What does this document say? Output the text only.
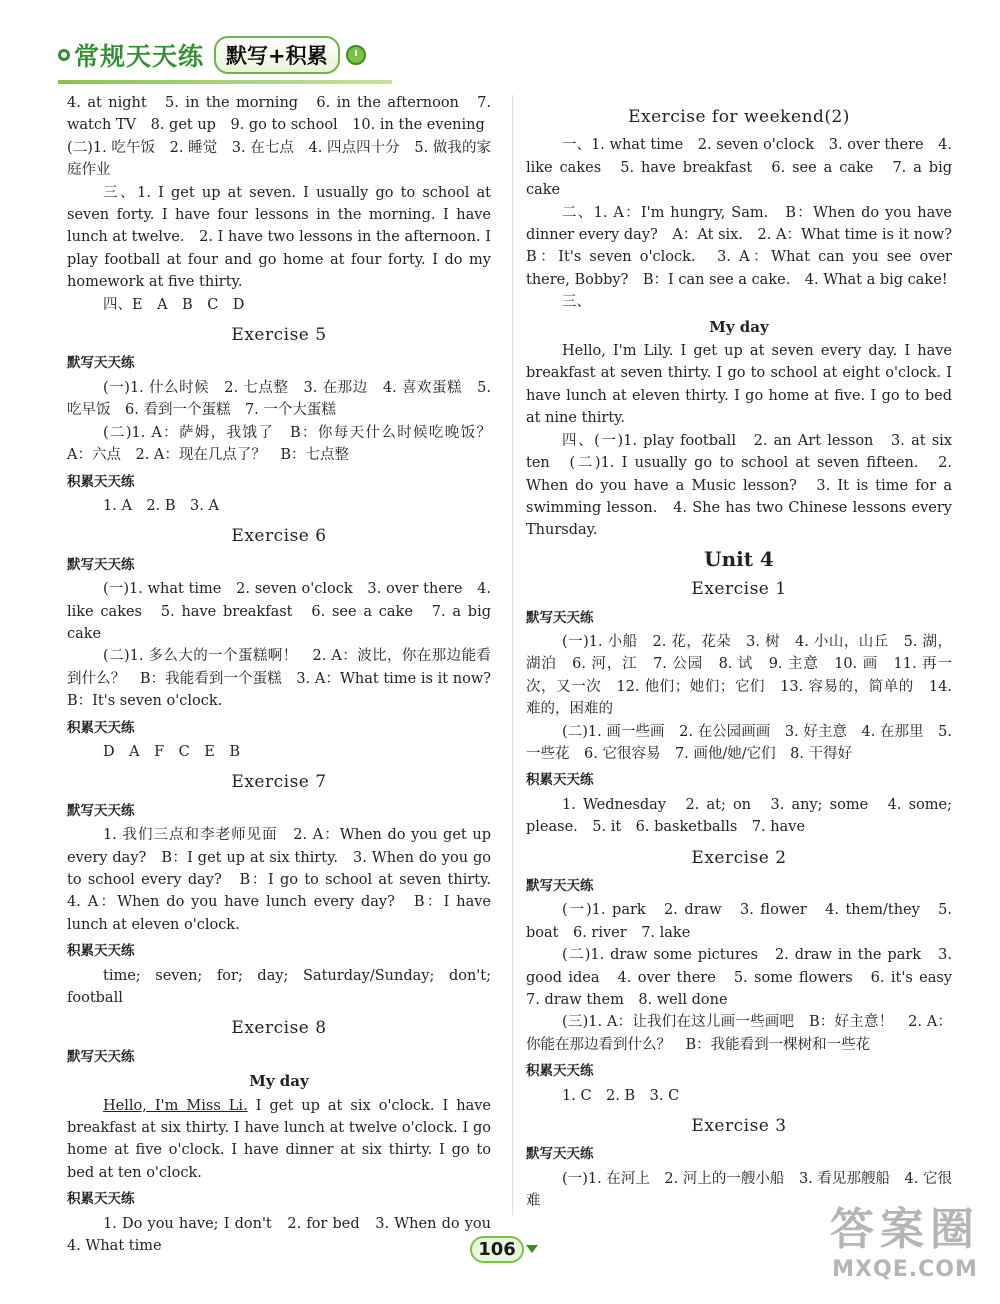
常规天天练	默写+积累

4. at night　5. in the morning　6. in the afternoon　7. watch TV　8. get up　9. go to school　10. in the evening

(二)1. 吃午饭　2. 睡觉　3. 在七点　4. 四点四十分　5. 做我的家庭作业

三、1. I get up at seven. I usually go to school at seven forty. I have four lessons in the morning. I have lunch at twelve.　2. I have two lessons in the afternoon. I play football at four and go home at four forty. I do my homework at five thirty.

四、E　A　B　C　D

Exercise 5
默写天天练

(一)1. 什么时候　2. 七点整　3. 在那边　4. 喜欢蛋糕　5. 吃早饭　6. 看到一个蛋糕　7. 一个大蛋糕

(二)1. A：萨姆，我饿了　B：你每天什么时候吃晚饭？　A：六点　2. A：现在几点了？　B：七点整

积累天天练

1. A　2. B　3. A

Exercise 6
默写天天练

(一)1. what time　2. seven o'clock　3. over there　4. like cakes　5. have breakfast　6. see a cake　7. a big cake

(二)1. 多么大的一个蛋糕啊！　2. A：波比，你在那边能看到什么？　B：我能看到一个蛋糕　3. A：What time is it now?　B：It's seven o'clock.

积累天天练

D　A　F　C　E　B

Exercise 7
默写天天练

1. 我们三点和李老师见面　2. A：When do you get up every day?　B：I get up at six thirty.　3. When do you go to school every day?　B：I go to school at seven thirty.　4. A：When do you have lunch every day?　B：I have lunch at eleven o'clock.

积累天天练

time; seven; for; day; Saturday/Sunday; don't; football

Exercise 8
默写天天练
My day

Hello, I'm Miss Li. I get up at six o'clock. I have breakfast at six thirty. I have lunch at twelve o'clock. I go home at five o'clock. I have dinner at six thirty. I go to bed at ten o'clock.

积累天天练

1. Do you have; I don't　2. for bed　3. When do you　4. What time

Exercise for weekend(2)

一、1. what time　2. seven o'clock　3. over there　4. like cakes　5. have breakfast　6. see a cake　7. a big cake

二、1. A：I'm hungry, Sam.　B：When do you have dinner every day?　A：At six.　2. A：What time is it now?　B：It's seven o'clock.　3. A：What can you see over there, Bobby?　B：I can see a cake.　4. What a big cake!

三、

My day

Hello, I'm Lily. I get up at seven every day. I have breakfast at seven thirty. I go to school at eight o'clock. I have lunch at eleven thirty. I go home at five. I go to bed at nine thirty.

四、(一)1. play football　2. an Art lesson　3. at six ten　(二)1. I usually go to school at seven fifteen.　2. When do you have a Music lesson?　3. It is time for a swimming lesson.　4. She has two Chinese lessons every Thursday.

Unit 4
Exercise 1
默写天天练

(一)1. 小船　2. 花，花朵　3. 树　4. 小山，山丘　5. 湖，湖泊　6. 河，江　7. 公园　8. 试　9. 主意　10. 画　11. 再一次，又一次　12. 他们；她们；它们　13. 容易的，简单的　14. 难的，困难的

(二)1. 画一些画　2. 在公园画画　3. 好主意　4. 在那里　5. 一些花　6. 它很容易　7. 画他/她/它们　8. 干得好

积累天天练

1. Wednesday　2. at; on　3. any; some　4. some; please.　5. it　6. basketballs　7. have

Exercise 2
默写天天练

(一)1. park　2. draw　3. flower　4. them/they　5. boat　6. river　7. lake

(二)1. draw some pictures　2. draw in the park　3. good idea　4. over there　5. some flowers　6. it's easy　7. draw them　8. well done

(三)1. A：让我们在这儿画一些画吧　B：好主意！　2. A：你能在那边看到什么？　B：我能看到一棵树和一些花

积累天天练

1. C　2. B　3. C

Exercise 3
默写天天练

(一)1. 在河上　2. 河上的一艘小船　3. 看见那艘船　4. 它很难

106	答案圈
MXQE.COM
